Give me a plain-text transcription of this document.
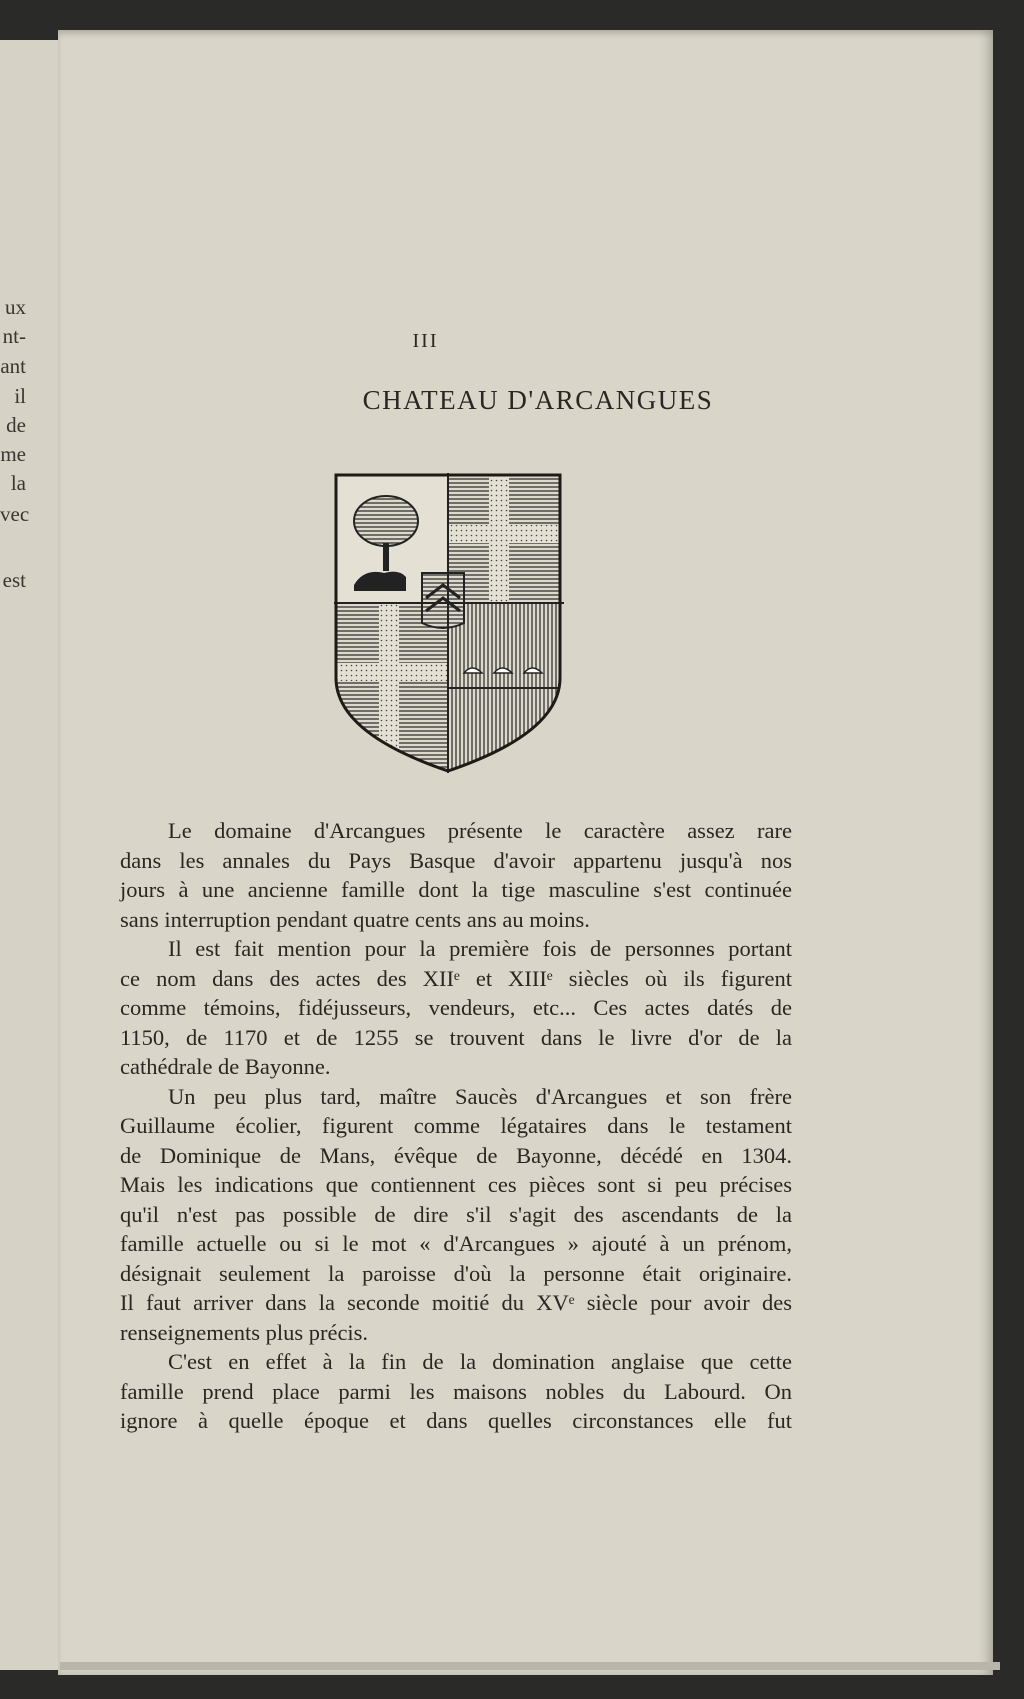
ux
nt-
ant
il
de
me
la
vec
est
III
CHATEAU D'ARCANGUES
Le domaine d'Arcangues présente le caractère assez rare
dans les annales du Pays Basque d'avoir appartenu jusqu'à nos
jours à une ancienne famille dont la tige masculine s'est continuée
sans interruption pendant quatre cents ans au moins.
Il est fait mention pour la première fois de personnes portant
ce nom dans des actes des XIIᵉ et XIIIᵉ siècles où ils figurent
comme témoins, fidéjusseurs, vendeurs, etc... Ces actes datés de
1150, de 1170 et de 1255 se trouvent dans le livre d'or de la
cathédrale de Bayonne.
Un peu plus tard, maître Saucès d'Arcangues et son frère
Guillaume écolier, figurent comme légataires dans le testament
de Dominique de Mans, évêque de Bayonne, décédé en 1304.
Mais les indications que contiennent ces pièces sont si peu précises
qu'il n'est pas possible de dire s'il s'agit des ascendants de la
famille actuelle ou si le mot « d'Arcangues » ajouté à un prénom,
désignait seulement la paroisse d'où la personne était originaire.
Il faut arriver dans la seconde moitié du XVᵉ siècle pour avoir des
renseignements plus précis.
C'est en effet à la fin de la domination anglaise que cette
famille prend place parmi les maisons nobles du Labourd. On
ignore à quelle époque et dans quelles circonstances elle fut
